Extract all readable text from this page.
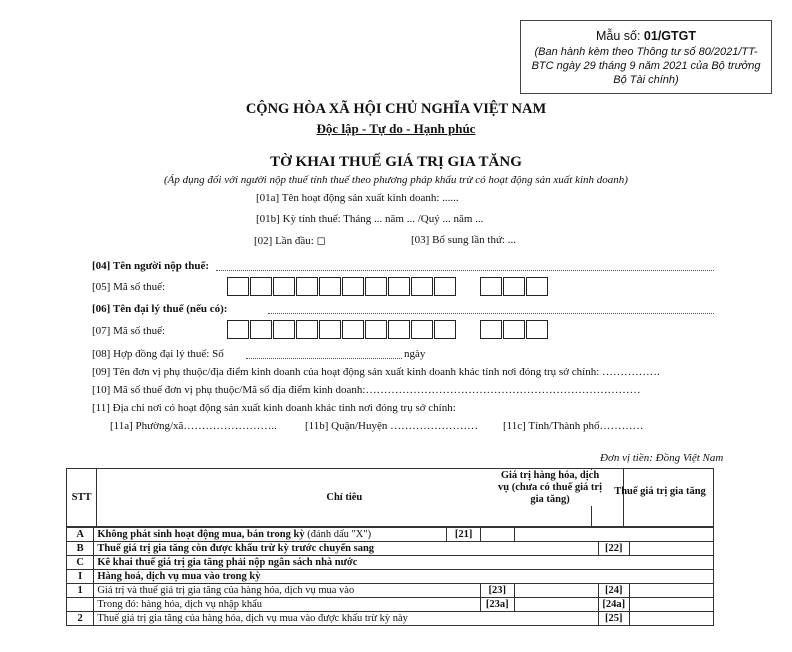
Mẫu số: 01/GTGT
(Ban hành kèm theo Thông tư số 80/2021/TT-BTC ngày 29 tháng 9 năm 2021 của Bộ trưởng Bộ Tài chính)
CỘNG HÒA XÃ HỘI CHỦ NGHĨA VIỆT NAM
Độc lập - Tự do - Hạnh phúc
TỜ KHAI THUẾ GIÁ TRỊ GIA TĂNG
(Áp dụng đối với người nộp thuế tính thuế theo phương pháp khấu trừ có hoạt động sản xuất kinh doanh)
[01a] Tên hoạt động sản xuất kinh doanh: ......
[01b] Kỳ tính thuế: Tháng ... năm ... /Quý ... năm ...
[02] Lần đầu: ◻	[03] Bổ sung lần thứ: ...
[04] Tên người nộp thuế:
[05] Mã số thuế:
[06] Tên đại lý thuế (nếu có):
[07] Mã số thuế:
[08] Hợp đồng đại lý thuế: Số	ngày
[09] Tên đơn vị phụ thuộc/địa điểm kinh doanh của hoạt động sản xuất kinh doanh khác tỉnh nơi đóng trụ sở chính: …………….
[10] Mã số thuế đơn vị phụ thuộc/Mã số địa điểm kinh doanh:…………………………………………………………………
[11] Địa chỉ nơi có hoạt động sản xuất kinh doanh khác tỉnh nơi đóng trụ sở chính:
[11a] Phường/xã……………………..	[11b] Quận/Huyện …………………… [11c] Tỉnh/Thành phố…………
Đơn vị tiền: Đồng Việt Nam
STT	Chỉ tiêu		
Giá trị hàng hóa, dịch vụ (chưa có thuế giá trị gia tăng)
Thuế giá trị gia tăng
A	Không phát sinh hoạt động mua, bán trong kỳ (đánh dấu "X")	[21]				
B	Thuế giá trị gia tăng còn được khấu trừ kỳ trước chuyển sang				[22]	
C	Kê khai thuế giá trị gia tăng phải nộp ngân sách nhà nước					
I	Hàng hoá, dịch vụ mua vào trong kỳ					
1	Giá trị và thuế giá trị gia tăng của hàng hóa, dịch vụ mua vào		[23]		[24]	
	Trong đó: hàng hóa, dịch vụ nhập khẩu		[23a]		[24a]	
2	Thuế giá trị gia tăng của hàng hóa, dịch vụ mua vào được khấu trừ kỳ này				[25]	
